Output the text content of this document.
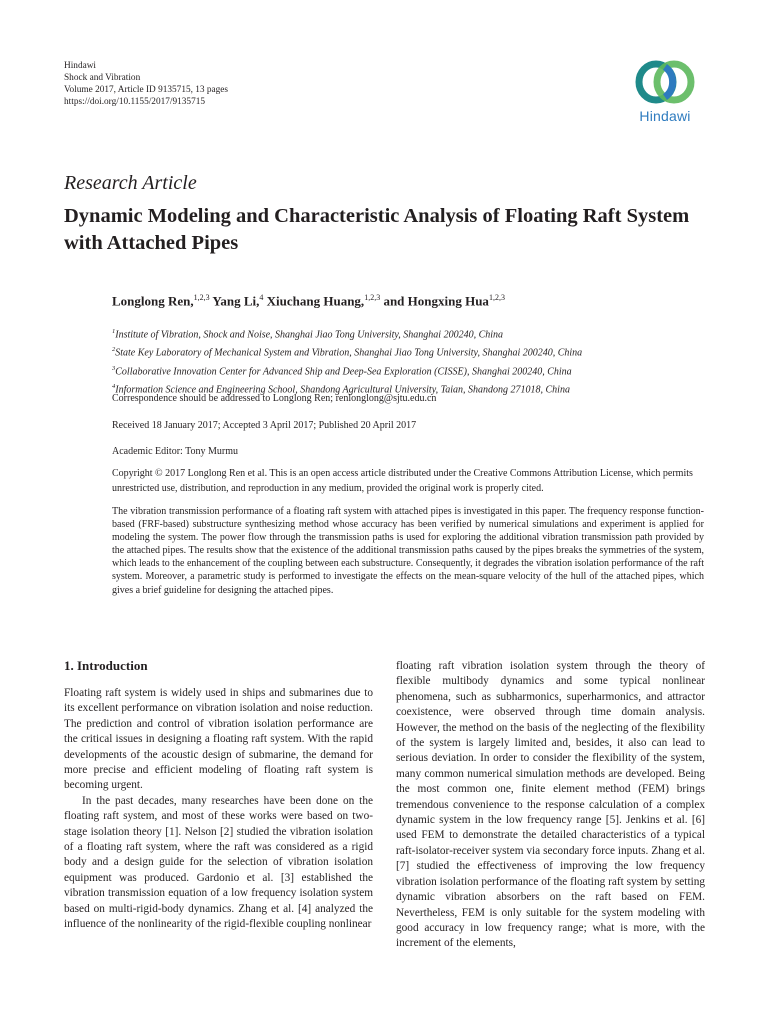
Hindawi
Shock and Vibration
Volume 2017, Article ID 9135715, 13 pages
https://doi.org/10.1155/2017/9135715
Hindawi
Research Article
Dynamic Modeling and Characteristic Analysis of Floating Raft System with Attached Pipes
Longlong Ren,$^{1,2,3}$ Yang Li,$^4$ Xiuchang Huang,$^{1,2,3}$ and Hongxing Hua$^{1,2,3}$
$^1$Institute of Vibration, Shock and Noise, Shanghai Jiao Tong University, Shanghai 200240, China
$^2$State Key Laboratory of Mechanical System and Vibration, Shanghai Jiao Tong University, Shanghai 200240, China
$^3$Collaborative Innovation Center for Advanced Ship and Deep-Sea Exploration (CISSE), Shanghai 200240, China
$^4$Information Science and Engineering School, Shandong Agricultural University, Taian, Shandong 271018, China
Correspondence should be addressed to Longlong Ren; renlonglong@sjtu.edu.cn
Received 18 January 2017; Accepted 3 April 2017; Published 20 April 2017
Academic Editor: Tony Murmu
Copyright © 2017 Longlong Ren et al. This is an open access article distributed under the Creative Commons Attribution License, which permits unrestricted use, distribution, and reproduction in any medium, provided the original work is properly cited.
The vibration transmission performance of a floating raft system with attached pipes is investigated in this paper. The frequency response function-based (FRF-based) substructure synthesizing method whose accuracy has been verified by numerical simulations and experiment is applied for modeling the system. The power flow through the transmission paths is used for exploring the additional vibration transmission path provided by the attached pipes. The results show that the existence of the additional transmission paths caused by the pipes breaks the symmetries of the system, which leads to the enhancement of the coupling between each substructure. Consequently, it degrades the vibration isolation performance of the raft system. Moreover, a parametric study is performed to investigate the effects on the mean-square velocity of the hull of the attached pipes, which gives a brief guideline for designing the attached pipes.
1. Introduction

Floating raft system is widely used in ships and submarines due to its excellent performance on vibration isolation and noise reduction. The prediction and control of vibration isolation performance are the critical issues in designing a floating raft system. With the rapid developments of the acoustic design of submarine, the demand for more precise and efficient modeling of floating raft system is becoming urgent.

In the past decades, many researches have been done on the floating raft system, and most of these works were based on two-stage isolation theory [1]. Nelson [2] studied the vibration isolation of a floating raft system, where the raft was considered as a rigid body and a design guide for the selection of vibration isolation equipment was produced. Gardonio et al. [3] established the vibration transmission equation of a low frequency isolation system based on multi-rigid-body dynamics. Zhang et al. [4] analyzed the influence of the nonlinearity of the rigid-flexible coupling nonlinear

floating raft vibration isolation system through the theory of flexible multibody dynamics and some typical nonlinear phenomena, such as subharmonics, superharmonics, and attractor coexistence, were observed through time domain analysis. However, the method on the basis of the neglecting of the flexibility of the system is largely limited and, besides, it also can lead to serious deviation. In order to consider the flexibility of the system, many common numerical simulation methods are developed. Being the most common one, finite element method (FEM) brings tremendous convenience to the response calculation of a complex dynamic system in the low frequency range [5]. Jenkins et al. [6] used FEM to demonstrate the detailed characteristics of a typical raft-isolator-receiver system via secondary force inputs. Zhang et al. [7] studied the effectiveness of improving the low frequency vibration isolation performance of the floating raft system by setting dynamic vibration absorbers on the raft based on FEM. Nevertheless, FEM is only suitable for the system modeling with good accuracy in low frequency range; what is more, with the increment of the elements,
